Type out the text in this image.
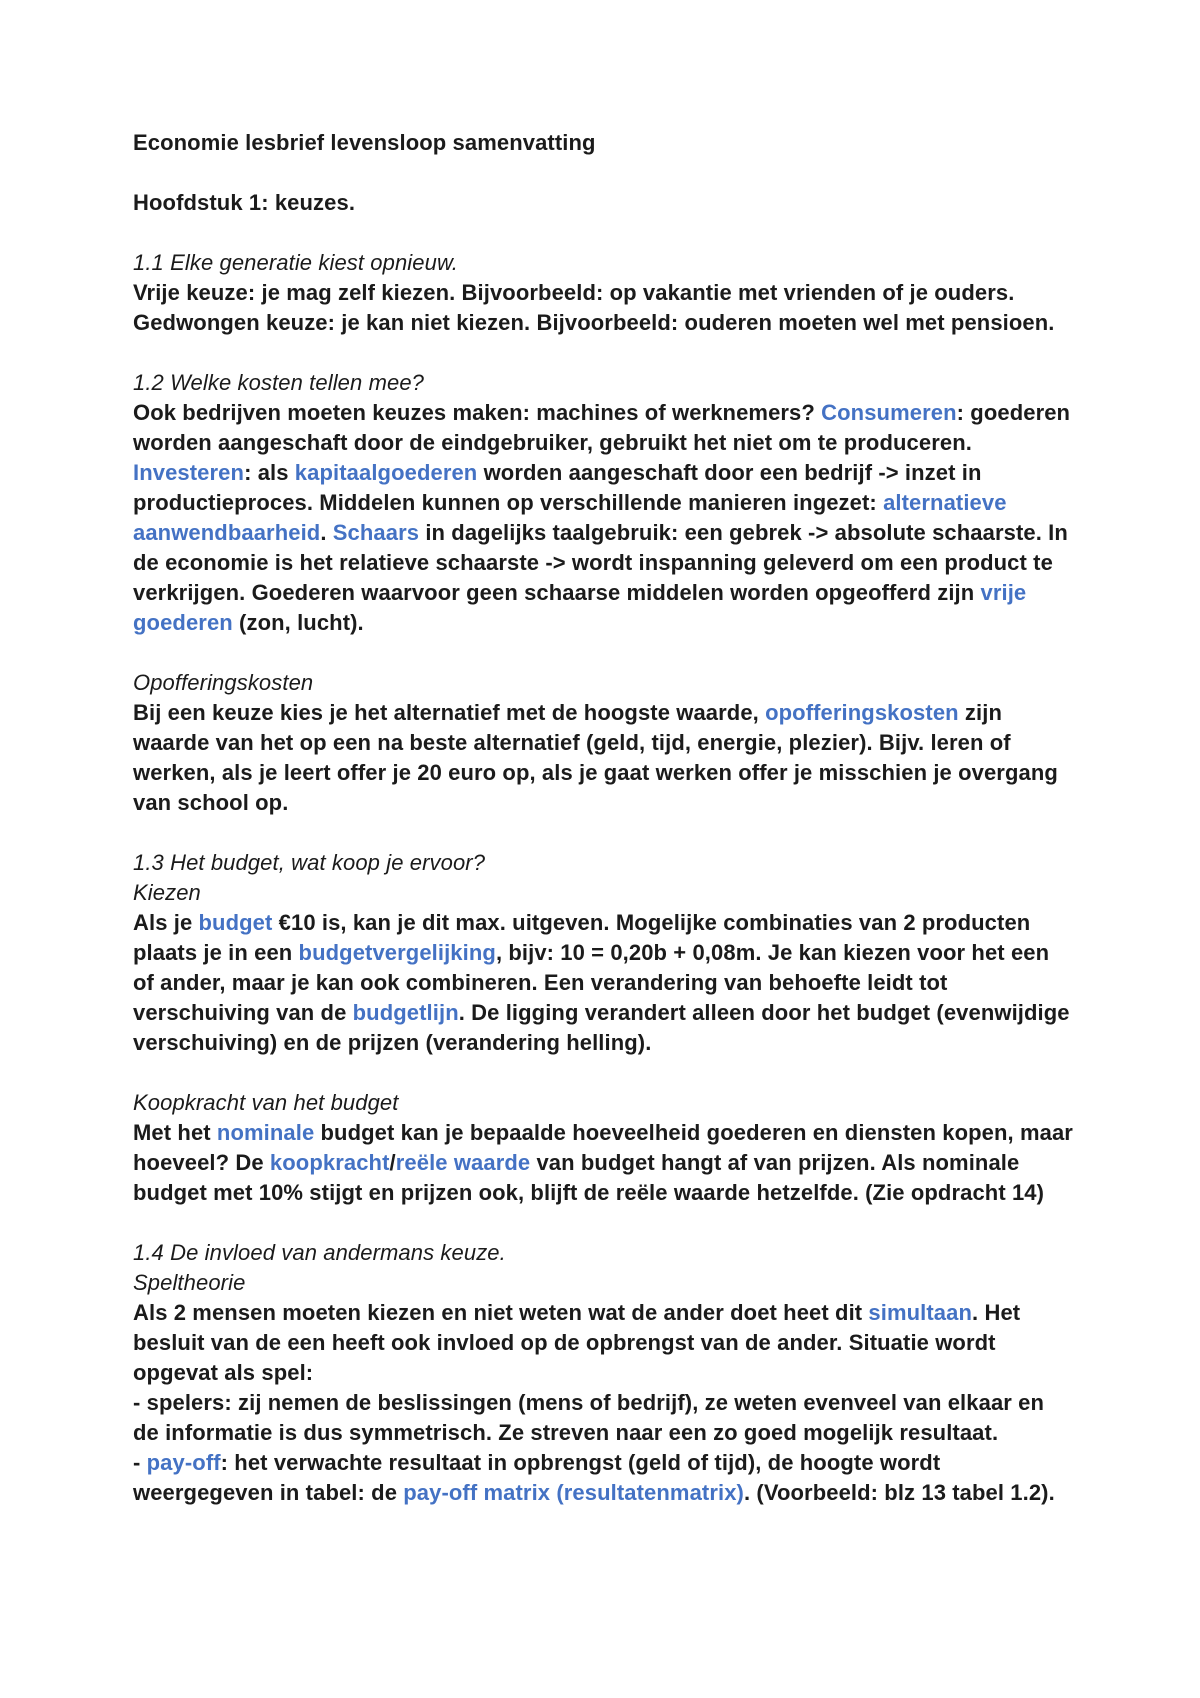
Economie lesbrief levensloop samenvatting
Hoofdstuk 1: keuzes.
1.1 Elke generatie kiest opnieuw.
Vrije keuze: je mag zelf kiezen. Bijvoorbeeld: op vakantie met vrienden of je ouders.
Gedwongen keuze: je kan niet kiezen. Bijvoorbeeld: ouderen moeten wel met pensioen.
1.2 Welke kosten tellen mee?
Ook bedrijven moeten keuzes maken: machines of werknemers? Consumeren: goederen worden aangeschaft door de eindgebruiker, gebruikt het niet om te produceren. Investeren: als kapitaalgoederen worden aangeschaft door een bedrijf -> inzet in productieproces. Middelen kunnen op verschillende manieren ingezet: alternatieve aanwendbaarheid. Schaars in dagelijks taalgebruik: een gebrek -> absolute schaarste. In de economie is het relatieve schaarste -> wordt inspanning geleverd om een product te verkrijgen. Goederen waarvoor geen schaarse middelen worden opgeofferd zijn vrije goederen (zon, lucht).
Opofferingskosten
Bij een keuze kies je het alternatief met de hoogste waarde, opofferingskosten zijn waarde van het op een na beste alternatief (geld, tijd, energie, plezier). Bijv. leren of werken, als je leert offer je 20 euro op, als je gaat werken offer je misschien je overgang van school op.
1.3 Het budget, wat koop je ervoor?
Kiezen
Als je budget €10 is, kan je dit max. uitgeven. Mogelijke combinaties van 2 producten plaats je in een budgetvergelijking, bijv: 10 = 0,20b + 0,08m. Je kan kiezen voor het een of ander, maar je kan ook combineren. Een verandering van behoefte leidt tot verschuiving van de budgetlijn. De ligging verandert alleen door het budget (evenwijdige verschuiving) en de prijzen (verandering helling).
Koopkracht van het budget
Met het nominale budget kan je bepaalde hoeveelheid goederen en diensten kopen, maar hoeveel? De koopkracht/reële waarde van budget hangt af van prijzen. Als nominale budget met 10% stijgt en prijzen ook, blijft de reële waarde hetzelfde. (Zie opdracht 14)
1.4 De invloed van andermans keuze.
Speltheorie
Als 2 mensen moeten kiezen en niet weten wat de ander doet heet dit simultaan. Het besluit van de een heeft ook invloed op de opbrengst van de ander. Situatie wordt opgevat als spel:
- spelers: zij nemen de beslissingen (mens of bedrijf), ze weten evenveel van elkaar en de informatie is dus symmetrisch. Ze streven naar een zo goed mogelijk resultaat.
- pay-off: het verwachte resultaat in opbrengst (geld of tijd), de hoogte wordt weergegeven in tabel: de pay-off matrix (resultatenmatrix). (Voorbeeld: blz 13 tabel 1.2).
